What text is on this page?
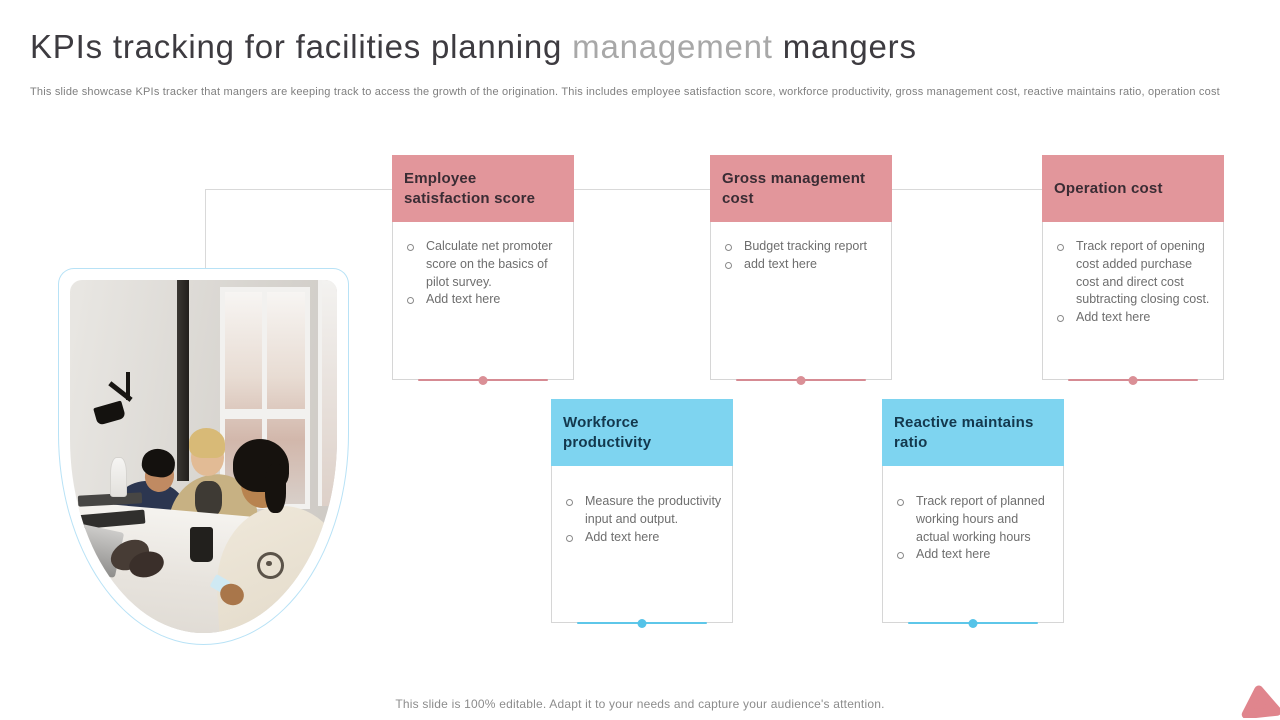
KPIs tracking for facilities planning management mangers

This slide showcase KPIs tracker that mangers are keeping track to access the growth of the origination. This includes employee satisfaction score, workforce productivity, gross management cost, reactive maintains ratio, operation cost

Employee satisfaction score
Calculate net promoter score on the basics of pilot survey.
Add text here
Gross management cost
Budget tracking report
add text here
Operation cost
Track report of opening cost added purchase cost and direct cost subtracting closing cost.
Add text here
Workforce productivity
Measure the productivity input and output.
Add text here
Reactive maintains ratio
Track report of planned working hours and actual working hours
Add text here

This slide is 100% editable. Adapt it to your needs and capture your audience's attention.
